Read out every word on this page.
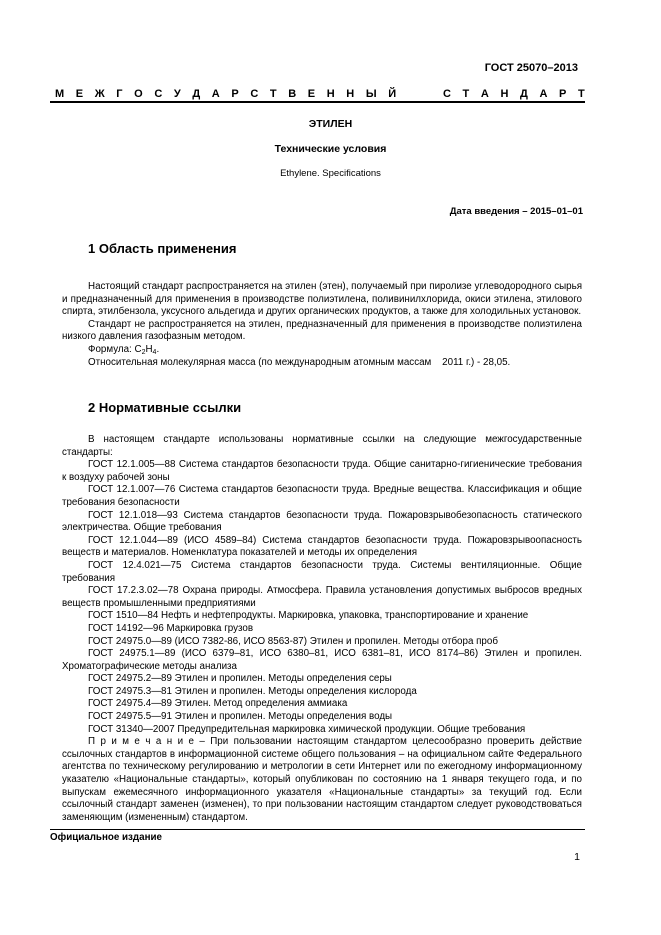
ГОСТ 25070–2013
М Е Ж Г О С У Д А Р С Т В Е Н Н Ы Й	С Т А Н Д А Р Т
ЭТИЛЕН
Технические условия
Ethylene. Specifications
Дата введения – 2015–01–01
1 Область применения

Настоящий стандарт распространяется на этилен (этен), получаемый при пиролизе углеводородного сырья и предназначенный для применения в производстве полиэтилена, поливинилхлорида, окиси этилена, этилового спирта, этилбензола, уксусного альдегида и других органических продуктов, а также для холодильных установок.

Стандарт не распространяется на этилен, предназначенный для применения в производстве полиэтилена низкого давления газофазным методом.

Формула: $C_2H_4$.

Относительная молекулярная масса (по международным атомным массам    2011 г.) - 28,05.

2 Нормативные ссылки

В настоящем стандарте использованы нормативные ссылки на следующие межгосударственные стандарты:

ГОСТ 12.1.005—88 Система стандартов безопасности труда. Общие санитарно-гигиенические требования к воздуху рабочей зоны

ГОСТ 12.1.007—76 Система стандартов безопасности труда. Вредные вещества. Классификация и общие требования безопасности

ГОСТ 12.1.018—93 Система стандартов безопасности труда. Пожаровзрывобезопасность статического электричества. Общие требования

ГОСТ 12.1.044—89 (ИСО 4589–84) Система стандартов безопасности труда. Пожаровзрывоопасность веществ и материалов. Номенклатура показателей и методы их определения

ГОСТ 12.4.021—75 Система стандартов безопасности труда. Системы вентиляционные. Общие требования

ГОСТ 17.2.3.02—78 Охрана природы. Атмосфера. Правила установления допустимых выбросов вредных веществ промышленными предприятиями

ГОСТ 1510—84 Нефть и нефтепродукты. Маркировка, упаковка, транспортирование и хранение

ГОСТ 14192—96 Маркировка грузов

ГОСТ 24975.0—89 (ИСО 7382-86, ИСО 8563-87) Этилен и пропилен. Методы отбора проб

ГОСТ 24975.1—89 (ИСО 6379–81, ИСО 6380–81, ИСО 6381–81, ИСО 8174–86) Этилен и пропилен. Хроматографические методы анализа

ГОСТ 24975.2—89 Этилен и пропилен. Методы определения серы

ГОСТ 24975.3—81 Этилен и пропилен. Методы определения кислорода

ГОСТ 24975.4—89 Этилен. Метод определения аммиака

ГОСТ 24975.5—91 Этилен и пропилен. Методы определения воды

ГОСТ 31340—2007 Предупредительная маркировка химической продукции. Общие требования

П р и м е ч а н и е – При пользовании настоящим стандартом целесообразно проверить действие ссылочных стандартов в информационной системе общего пользования – на официальном сайте Федерального агентства по техническому регулированию и метрологии в сети Интернет или по ежегодному информационному указателю «Национальные стандарты», который опубликован по состоянию на 1 января текущего года, и по выпускам ежемесячного информационного указателя «Национальные стандарты» за текущий год. Если ссылочный стандарт заменен (изменен), то при пользовании настоящим стандартом следует руководствоваться заменяющим (измененным) стандартом.

Официальное издание
1
